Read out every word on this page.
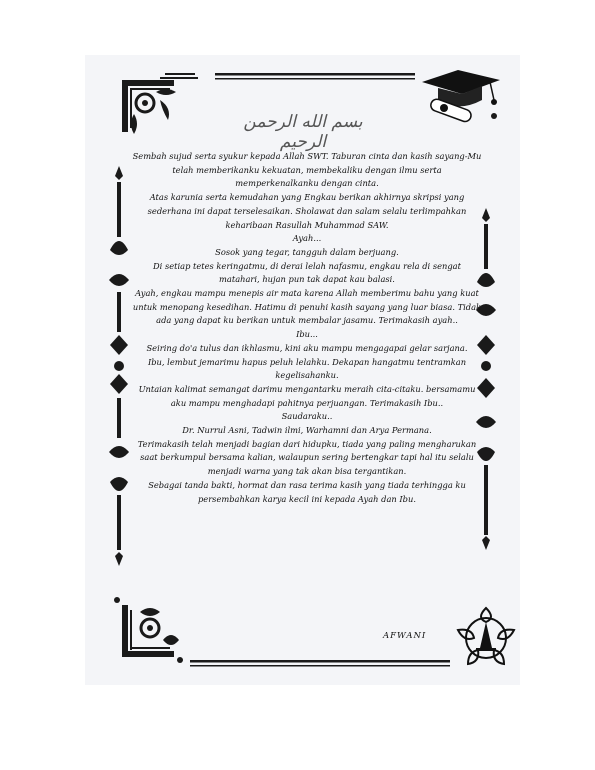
بسم الله الرحمن الرحيم

Sembah sujud serta syukur kepada Allah SWT. Taburan cinta dan kasih sayang-Mu telah memberikanku kekuatan, membekaliku dengan ilmu serta memperkenalkanku dengan cinta.

Atas karunia serta kemudahan yang Engkau berikan akhirnya skripsi yang sederhana ini dapat terselesaikan. Sholawat dan salam selalu terlimpahkan keharibaan Rasullah Muhammad SAW.

Ayah...

Sosok yang tegar, tangguh dalam berjuang.

Di setiap tetes keringatmu, di derai lelah nafasmu, engkau rela di sengat matahari, hujan pun tak dapat kau balasi.

Ayah, engkau mampu menepis air mata karena Allah memberimu bahu yang kuat untuk menopang kesedihan. Hatimu di penuhi kasih sayang yang luar biasa. Tidak ada yang dapat ku berikan untuk membalar jasamu. Terimakasih ayah..

Ibu...

Seiring do'a tulus dan ikhlasmu, kini aku mampu mengagapai gelar sarjana.

Ibu, lembut jemarimu hapus peluh lelahku. Dekapan hangatmu tentramkan kegelisahanku.

Untaian kalimat semangat darimu mengantarku meraih cita-citaku. bersamamu aku mampu menghadapi pahitnya perjuangan. Terimakasih Ibu..

Saudaraku..

Dr. Nurrul Asni, Tadwin ilmi, Warhamni dan Arya Permana.

Terimakasih telah menjadi bagian dari hidupku, tiada yang paling mengharukan saat berkumpul bersama kalian, walaupun sering bertengkar tapi hal itu selalu menjadi warna yang tak akan bisa tergantikan.

Sebagai tanda bakti, hormat dan rasa terima kasih yang tiada terhingga ku persembahkan karya kecil ini kepada Ayah dan Ibu.

AFWANI
